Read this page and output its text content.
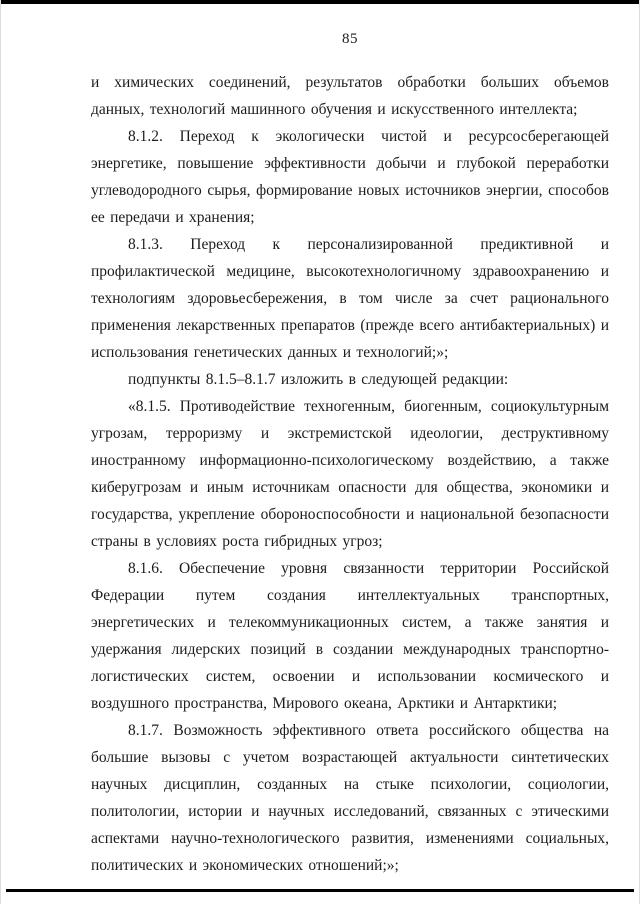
85

и химических соединений, результатов обработки больших объемов данных, технологий машинного обучения и искусственного интеллекта;

8.1.2. Переход к экологически чистой и ресурсосберегающей энергетике, повышение эффективности добычи и глубокой переработки углеводородного сырья, формирование новых источников энергии, способов ее передачи и хранения;

8.1.3. Переход к персонализированной предиктивной и профилактической медицине, высокотехнологичному здравоохранению и технологиям здоровьесбережения, в том числе за счет рационального применения лекарственных препаратов (прежде всего антибактериальных) и использования генетических данных и технологий;»;

подпункты 8.1.5–8.1.7 изложить в следующей редакции:

«8.1.5. Противодействие техногенным, биогенным, социокультурным угрозам, терроризму и экстремистской идеологии, деструктивному иностранному информационно-психологическому воздействию, а также киберугрозам и иным источникам опасности для общества, экономики и государства, укрепление обороноспособности и национальной безопасности страны в условиях роста гибридных угроз;

8.1.6. Обеспечение уровня связанности территории Российской Федерации путем создания интеллектуальных транспортных, энергетических и телекоммуникационных систем, а также занятия и удержания лидерских позиций в создании международных транспортно-логистических систем, освоении и использовании космического и воздушного пространства, Мирового океана, Арктики и Антарктики;

8.1.7. Возможность эффективного ответа российского общества на большие вызовы с учетом возрастающей актуальности синтетических научных дисциплин, созданных на стыке психологии, социологии, политологии, истории и научных исследований, связанных с этическими аспектами научно-технологического развития, изменениями социальных, политических и экономических отношений;»;
